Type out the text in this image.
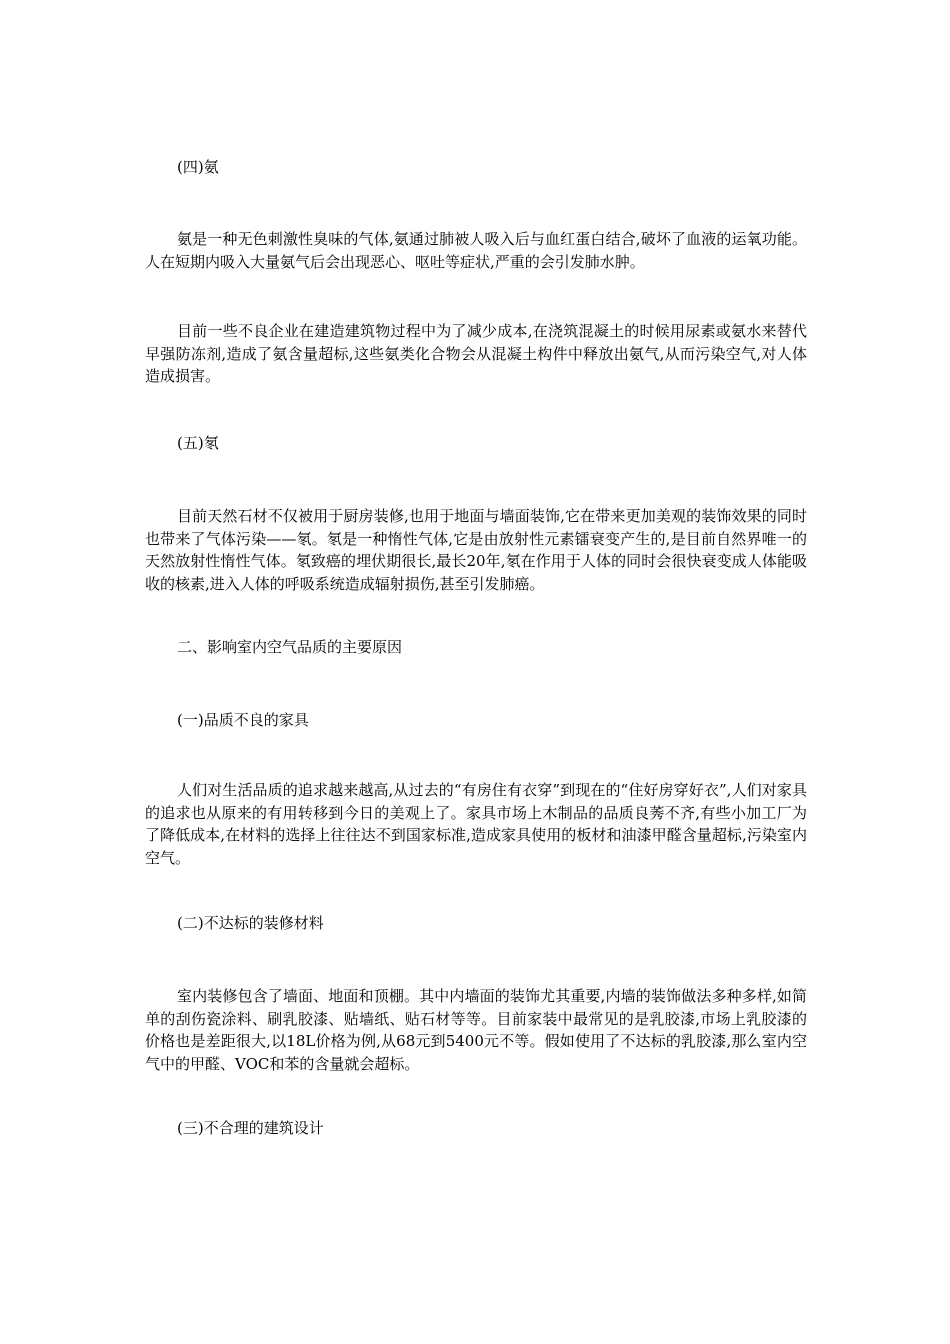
(四)氨

氨是一种无色刺激性臭味的气体,氨通过肺被人吸入后与血红蛋白结合,破坏了血液的运氧功能。人在短期内吸入大量氨气后会出现恶心、呕吐等症状,严重的会引发肺水肿。

目前一些不良企业在建造建筑物过程中为了减少成本,在浇筑混凝土的时候用尿素或氨水来替代早强防冻剂,造成了氨含量超标,这些氨类化合物会从混凝土构件中释放出氨气,从而污染空气,对人体造成损害。

(五)氡

目前天然石材不仅被用于厨房装修,也用于地面与墙面装饰,它在带来更加美观的装饰效果的同时也带来了气体污染——氡。氡是一种惰性气体,它是由放射性元素镭衰变产生的,是目前自然界唯一的天然放射性惰性气体。氡致癌的埋伏期很长,最长20年,氡在作用于人体的同时会很快衰变成人体能吸收的核素,进入人体的呼吸系统造成辐射损伤,甚至引发肺癌。

二、影响室内空气品质的主要原因
(一)品质不良的家具

人们对生活品质的追求越来越高,从过去的“有房住有衣穿”到现在的“住好房穿好衣”,人们对家具的追求也从原来的有用转移到今日的美观上了。家具市场上木制品的品质良莠不齐,有些小加工厂为了降低成本,在材料的选择上往往达不到国家标准,造成家具使用的板材和油漆甲醛含量超标,污染室内空气。

(二)不达标的装修材料

室内装修包含了墙面、地面和顶棚。其中内墙面的装饰尤其重要,内墙的装饰做法多种多样,如简单的刮伤瓷涂料、刷乳胶漆、贴墙纸、贴石材等等。目前家装中最常见的是乳胶漆,市场上乳胶漆的价格也是差距很大,以18L价格为例,从68元到5400元不等。假如使用了不达标的乳胶漆,那么室内空气中的甲醛、VOC和苯的含量就会超标。

(三)不合理的建筑设计
